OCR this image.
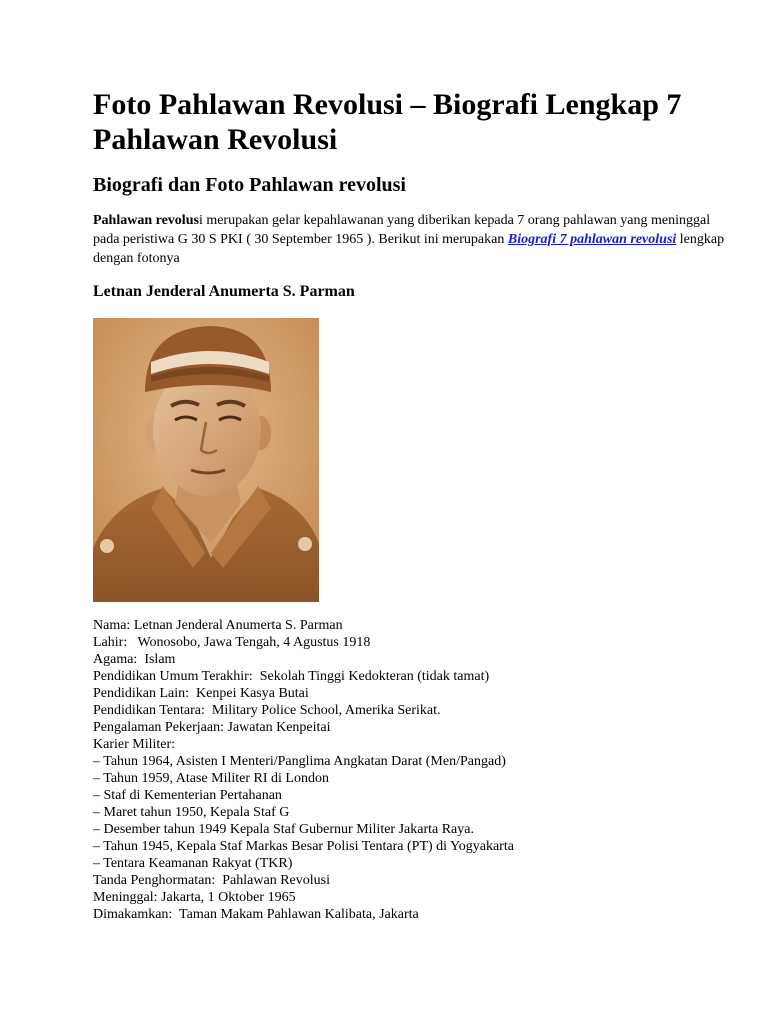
Foto Pahlawan Revolusi – Biografi Lengkap 7 Pahlawan Revolusi
Biografi dan Foto Pahlawan revolusi

Pahlawan revolusi merupakan gelar kepahlawanan yang diberikan kepada 7 orang pahlawan yang meninggal pada peristiwa G 30 S PKI ( 30 September 1965 ). Berikut ini merupakan Biografi 7 pahlawan revolusi lengkap dengan fotonya

Letnan Jenderal Anumerta S. Parman
Nama: Letnan Jenderal Anumerta S. Parman
Lahir:   Wonosobo, Jawa Tengah, 4 Agustus 1918
Agama:  Islam
Pendidikan Umum Terakhir:  Sekolah Tinggi Kedokteran (tidak tamat)
Pendidikan Lain:  Kenpei Kasya Butai
Pendidikan Tentara:  Military Police School, Amerika Serikat.
Pengalaman Pekerjaan: Jawatan Kenpeitai
Karier Militer:
– Tahun 1964, Asisten I Menteri/Panglima Angkatan Darat (Men/Pangad)
– Tahun 1959, Atase Militer RI di London
– Staf di Kementerian Pertahanan
– Maret tahun 1950, Kepala Staf G
– Desember tahun 1949 Kepala Staf Gubernur Militer Jakarta Raya.
– Tahun 1945, Kepala Staf Markas Besar Polisi Tentara (PT) di Yogyakarta
– Tentara Keamanan Rakyat (TKR)
Tanda Penghormatan:  Pahlawan Revolusi
Meninggal: Jakarta, 1 Oktober 1965
Dimakamkan:  Taman Makam Pahlawan Kalibata, Jakarta
